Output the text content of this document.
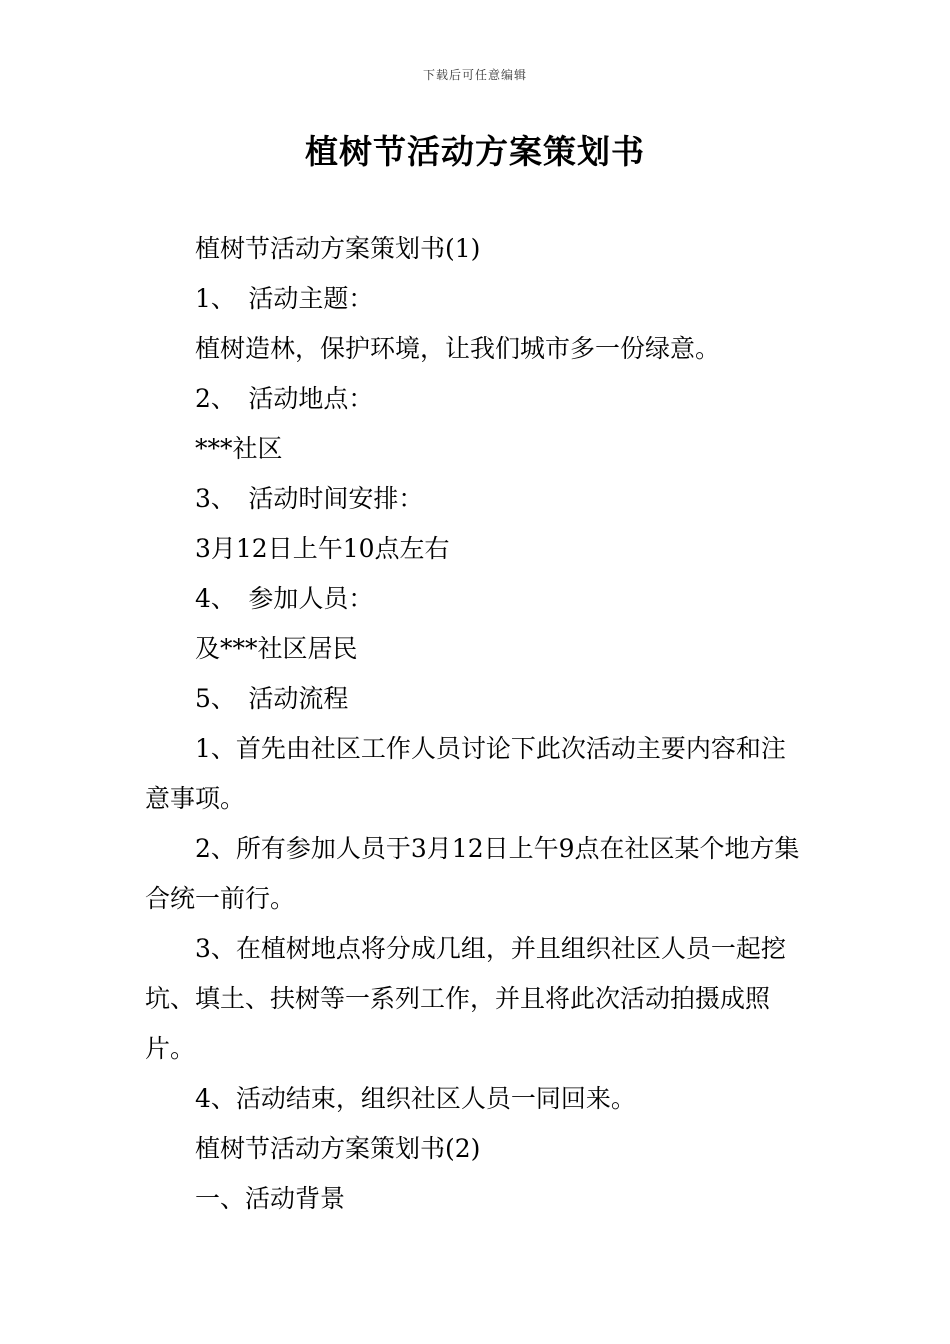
下载后可任意编辑
植树节活动方案策划书

植树节活动方案策划书(1)

1、　活动主题：

植树造林，保护环境，让我们城市多一份绿意。

2、　活动地点：

***社区

3、　活动时间安排：

3月12日上午10点左右

4、　参加人员：

及***社区居民

5、　活动流程

1、首先由社区工作人员讨论下此次活动主要内容和注意事项。

2、所有参加人员于3月12日上午9点在社区某个地方集合统一前行。

3、在植树地点将分成几组，并且组织社区人员一起挖坑、填土、扶树等一系列工作，并且将此次活动拍摄成照片。

4、活动结束，组织社区人员一同回来。

植树节活动方案策划书(2)

一、活动背景
